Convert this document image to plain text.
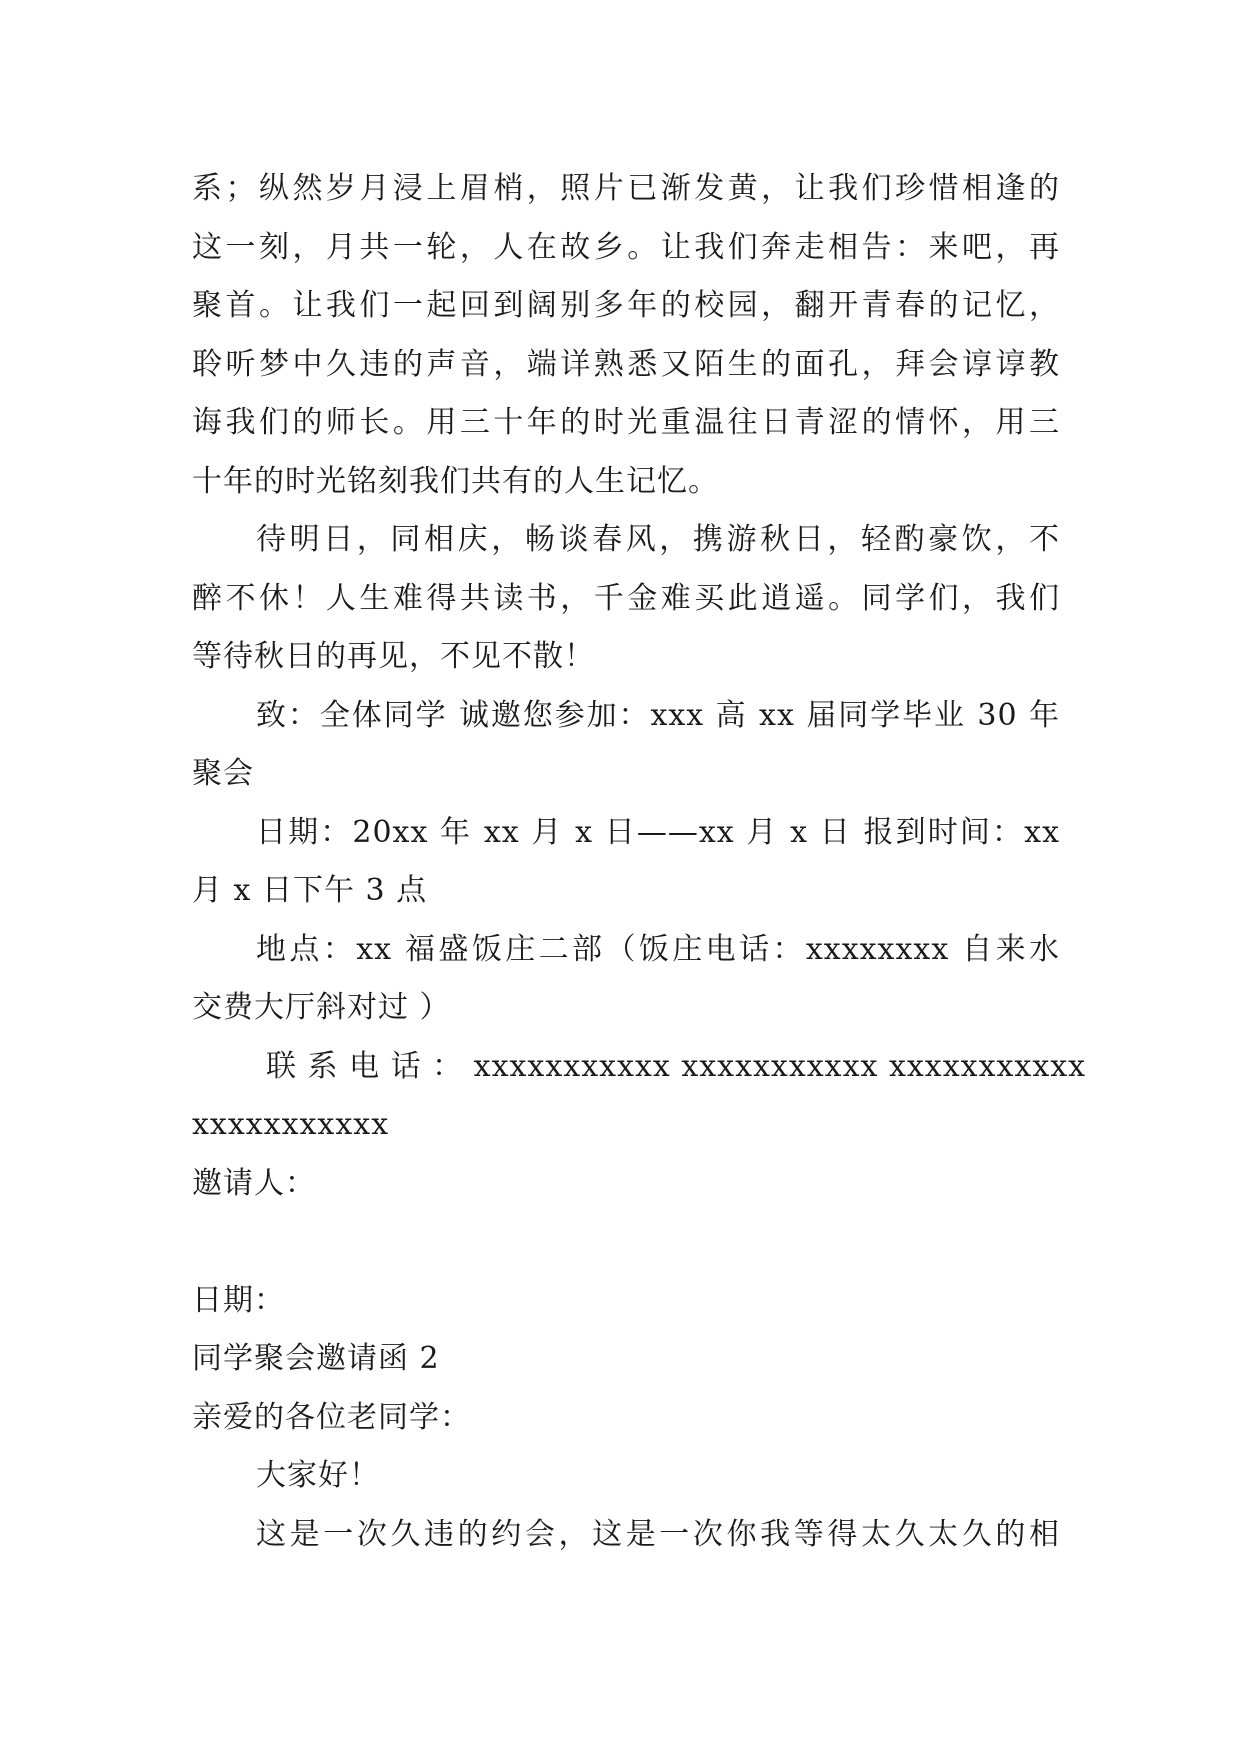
系；纵然岁月浸上眉梢，照片已渐发黄，让我们珍惜相逢的
这一刻，月共一轮，人在故乡。让我们奔走相告：来吧，再
聚首。让我们一起回到阔别多年的校园，翻开青春的记忆，
聆听梦中久违的声音，端详熟悉又陌生的面孔，拜会谆谆教
诲我们的师长。用三十年的时光重温往日青涩的情怀，用三
十年的时光铭刻我们共有的人生记忆。
待明日，同相庆，畅谈春风，携游秋日，轻酌豪饮，不
醉不休！人生难得共读书，千金难买此逍遥。同学们，我们
等待秋日的再见，不见不散！
致：全体同学 诚邀您参加：xxx 高 xx 届同学毕业 30 年
聚会
日期：20xx 年 xx 月 x 日——xx 月 x 日 报到时间：xx
月 x 日下午 3 点
地点：xx 福盛饭庄二部（饭庄电话：xxxxxxxx 自来水
交费大厅斜对过 ）
联 系 电 话 ： xxxxxxxxxxx xxxxxxxxxxx xxxxxxxxxxx
xxxxxxxxxxx
邀请人：
日期：
同学聚会邀请函 2
亲爱的各位老同学：
大家好！
这是一次久违的约会，这是一次你我等得太久太久的相
